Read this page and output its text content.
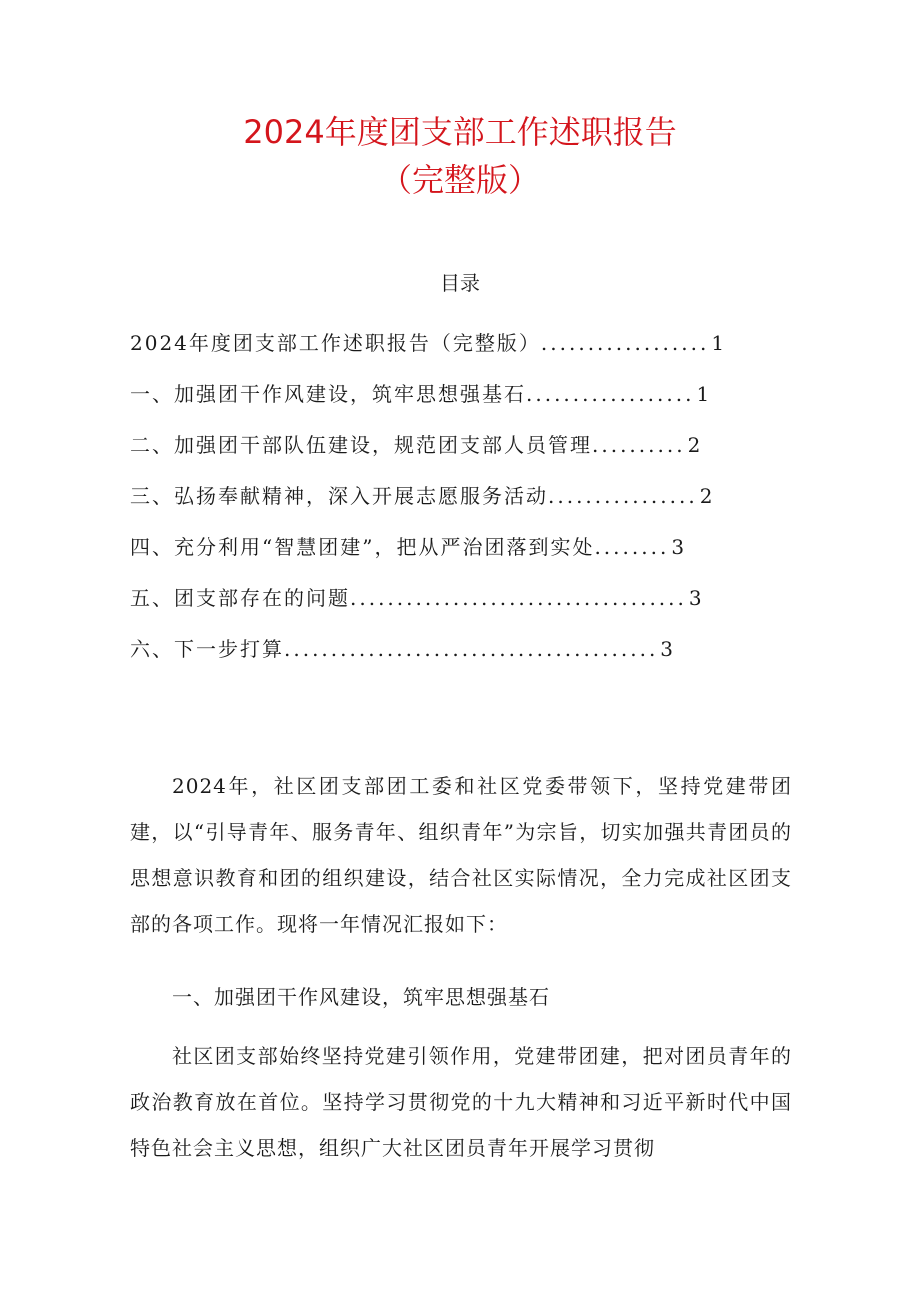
2024年度团支部工作述职报告
（完整版）
目录
2024年度团支部工作述职报告（完整版） .................. 1
一、加强团干作风建设，筑牢思想强基石 .................. 1
二、加强团干部队伍建设，规范团支部人员管理 .......... 2
三、弘扬奉献精神，深入开展志愿服务活动 ................ 2
四、充分利用“智慧团建”，把从严治团落到实处 ........ 3
五、团支部存在的问题 .................................... 3
六、下一步打算 ........................................ 3

2024年，社区团支部团工委和社区党委带领下，坚持党建带团建，以“引导青年、服务青年、组织青年”为宗旨，切实加强共青团员的思想意识教育和团的组织建设，结合社区实际情况，全力完成社区团支部的各项工作。现将一年情况汇报如下：

一、加强团干作风建设，筑牢思想强基石

社区团支部始终坚持党建引领作用，党建带团建，把对团员青年的政治教育放在首位。坚持学习贯彻党的十九大精神和习近平新时代中国特色社会主义思想，组织广大社区团员青年开展学习贯彻
